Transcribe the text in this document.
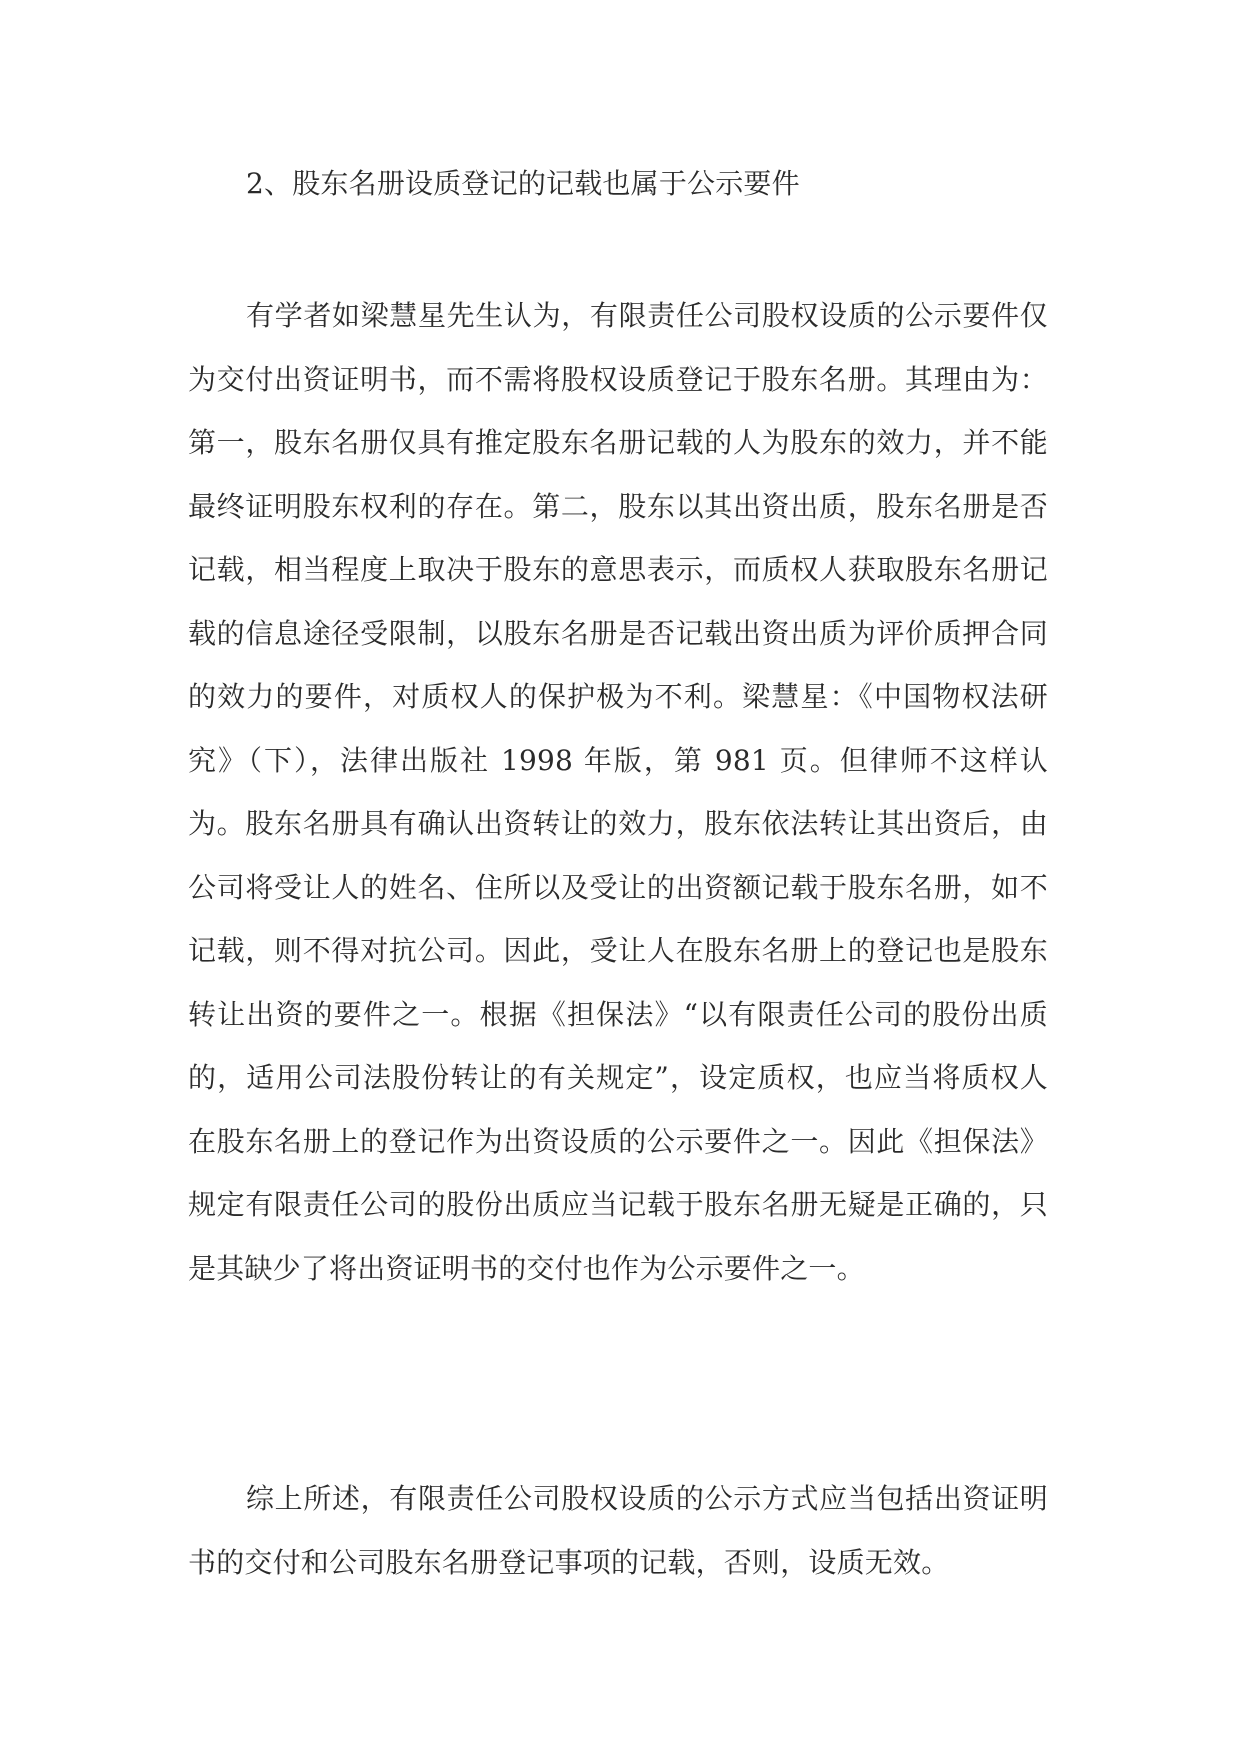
2、股东名册设质登记的记载也属于公示要件

有学者如梁慧星先生认为，有限责任公司股权设质的公示要件仅为交付出资证明书，而不需将股权设质登记于股东名册。其理由为：第一，股东名册仅具有推定股东名册记载的人为股东的效力，并不能最终证明股东权利的存在。第二，股东以其出资出质，股东名册是否记载，相当程度上取决于股东的意思表示，而质权人获取股东名册记载的信息途径受限制，以股东名册是否记载出资出质为评价质押合同的效力的要件，对质权人的保护极为不利。梁慧星：《中国物权法研究》（下），法律出版社 1998 年版，第 981 页。但律师不这样认为。股东名册具有确认出资转让的效力，股东依法转让其出资后，由公司将受让人的姓名、住所以及受让的出资额记载于股东名册，如不记载，则不得对抗公司。因此，受让人在股东名册上的登记也是股东转让出资的要件之一。根据《担保法》“以有限责任公司的股份出质的，适用公司法股份转让的有关规定”，设定质权，也应当将质权人在股东名册上的登记作为出资设质的公示要件之一。因此《担保法》规定有限责任公司的股份出质应当记载于股东名册无疑是正确的，只是其缺少了将出资证明书的交付也作为公示要件之一。

综上所述，有限责任公司股权设质的公示方式应当包括出资证明书的交付和公司股东名册登记事项的记载，否则，设质无效。
